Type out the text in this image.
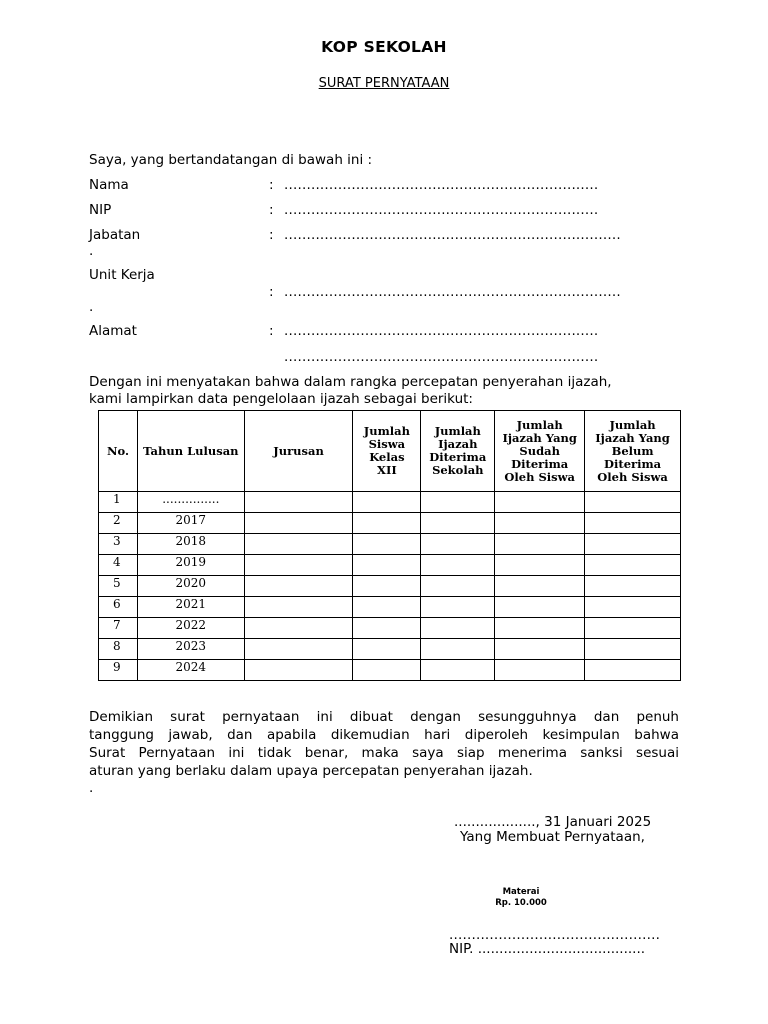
KOP SEKOLAH
SURAT PERNYATAAN
Saya, yang bertandatangan di bawah ini :
Nama	: ......................................................................
NIP	: ......................................................................
Jabatan	: ...........................................................................
.
Unit Kerja
: ...........................................................................
.
Alamat	: ......................................................................
......................................................................
Dengan ini menyatakan bahwa dalam rangka percepatan penyerahan ijazah,
kami lampirkan data pengelolaan ijazah sebagai berikut:
No.	Tahun Lulusan	Jurusan	Jumlah
Siswa
Kelas
XII	Jumlah
Ijazah
Diterima
Sekolah	Jumlah
Ijazah Yang
Sudah
Diterima
Oleh Siswa	Jumlah
Ijazah Yang
Belum
Diterima
Oleh Siswa
1	...............					
2	2017					
3	2018					
4	2019					
5	2020					
6	2021					
7	2022					
8	2023					
9	2024					
Demikian surat pernyataan ini dibuat dengan sesungguhnya dan penuh
tanggung jawab, dan apabila dikemudian hari diperoleh kesimpulan bahwa
Surat Pernyataan ini tidak benar, maka saya siap menerima sanksi sesuai
aturan yang berlaku dalam upaya percepatan penyerahan ijazah.
.
..................., 31 Januari 2025
Yang Membuat Pernyataan,
Materai
Rp. 10.000
...............................................
NIP. .......................................
